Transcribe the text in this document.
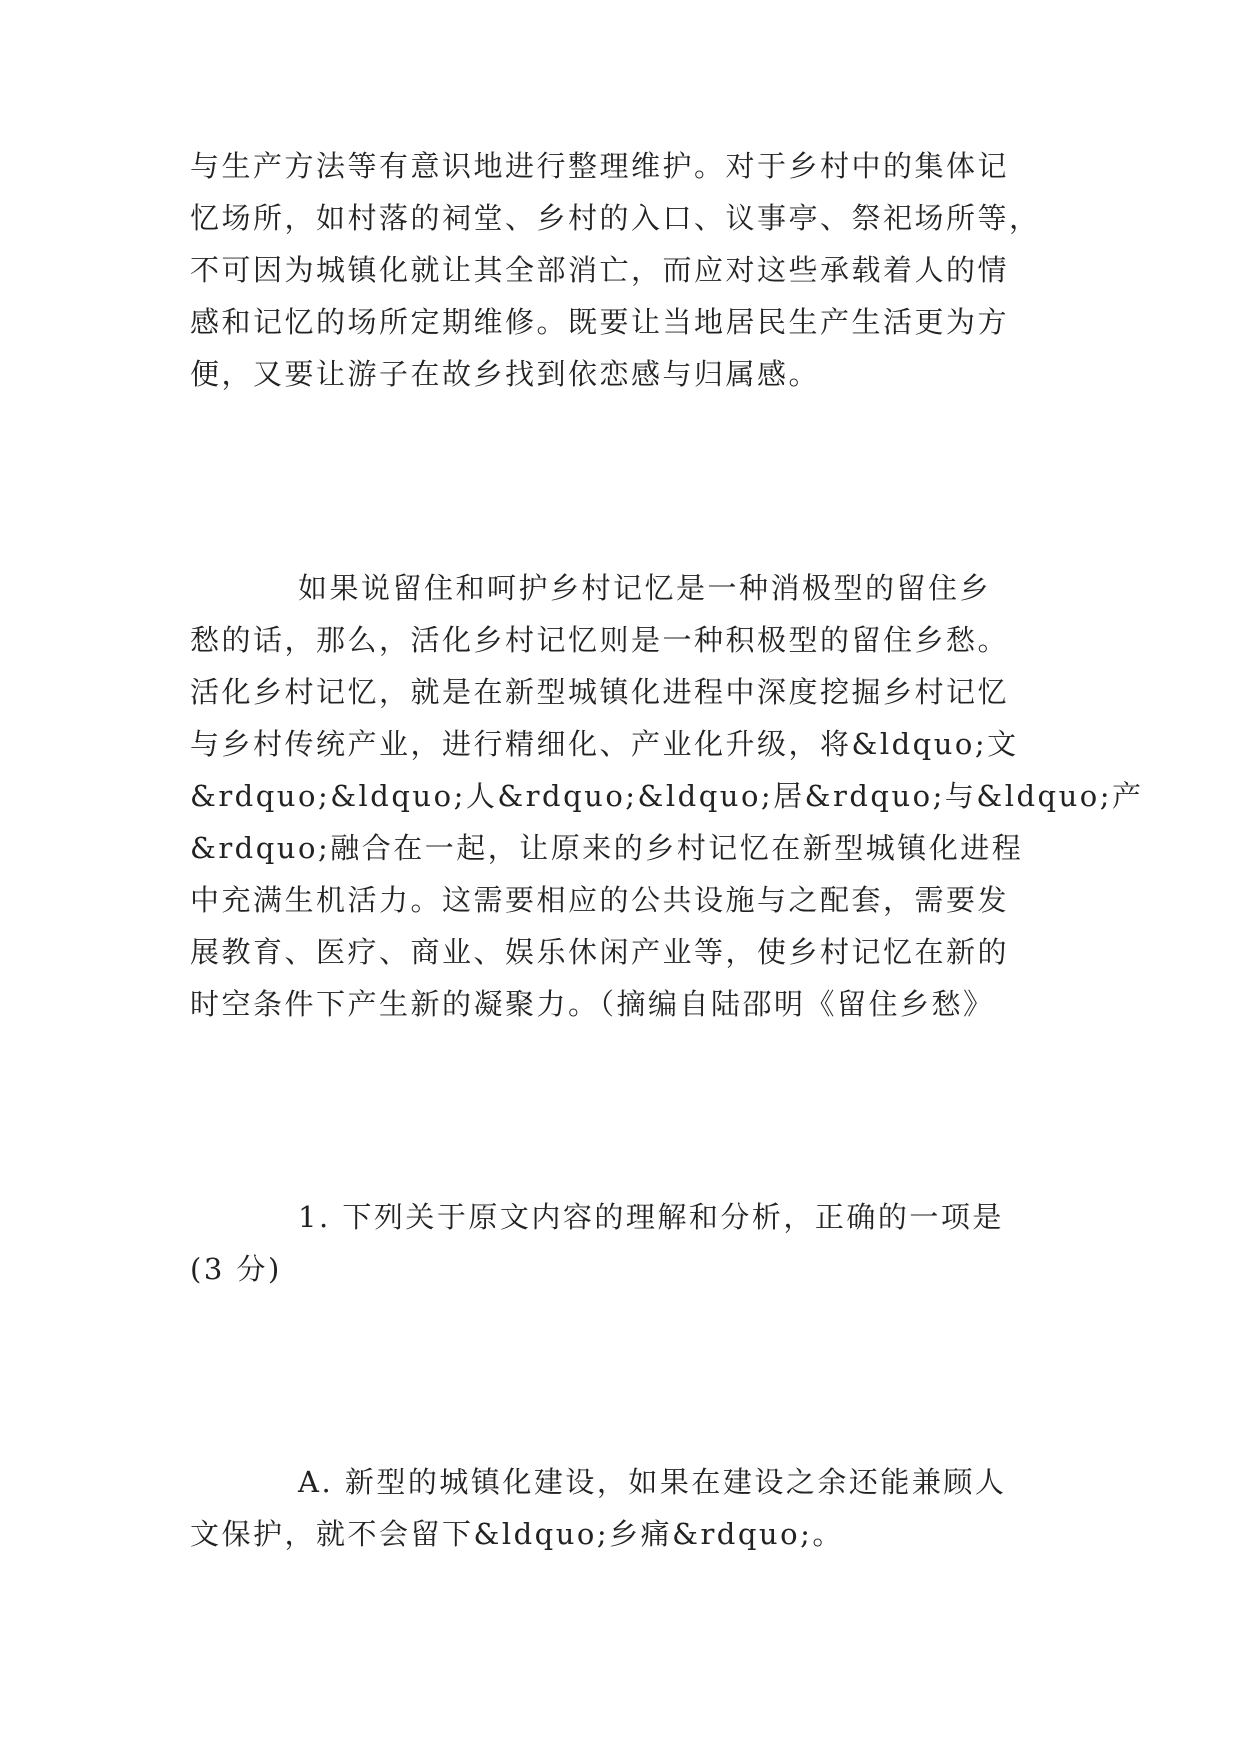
与生产方法等有意识地进行整理维护。对于乡村中的集体记
忆场所，如村落的祠堂、乡村的入口、议事亭、祭祀场所等，
不可因为城镇化就让其全部消亡，而应对这些承载着人的情
感和记忆的场所定期维修。既要让当地居民生产生活更为方
便，又要让游子在故乡找到依恋感与归属感。
如果说留住和呵护乡村记忆是一种消极型的留住乡
愁的话，那么，活化乡村记忆则是一种积极型的留住乡愁。
活化乡村记忆，就是在新型城镇化进程中深度挖掘乡村记忆
与乡村传统产业，进行精细化、产业化升级，将&ldquo;文
&rdquo;&ldquo;人&rdquo;&ldquo;居&rdquo;与&ldquo;产
&rdquo;融合在一起，让原来的乡村记忆在新型城镇化进程
中充满生机活力。这需要相应的公共设施与之配套，需要发
展教育、医疗、商业、娱乐休闲产业等，使乡村记忆在新的
时空条件下产生新的凝聚力。（摘编自陆邵明《留住乡愁》
1. 下列关于原文内容的理解和分析，正确的一项是
(3 分)
A. 新型的城镇化建设，如果在建设之余还能兼顾人
文保护，就不会留下&ldquo;乡痛&rdquo;。
